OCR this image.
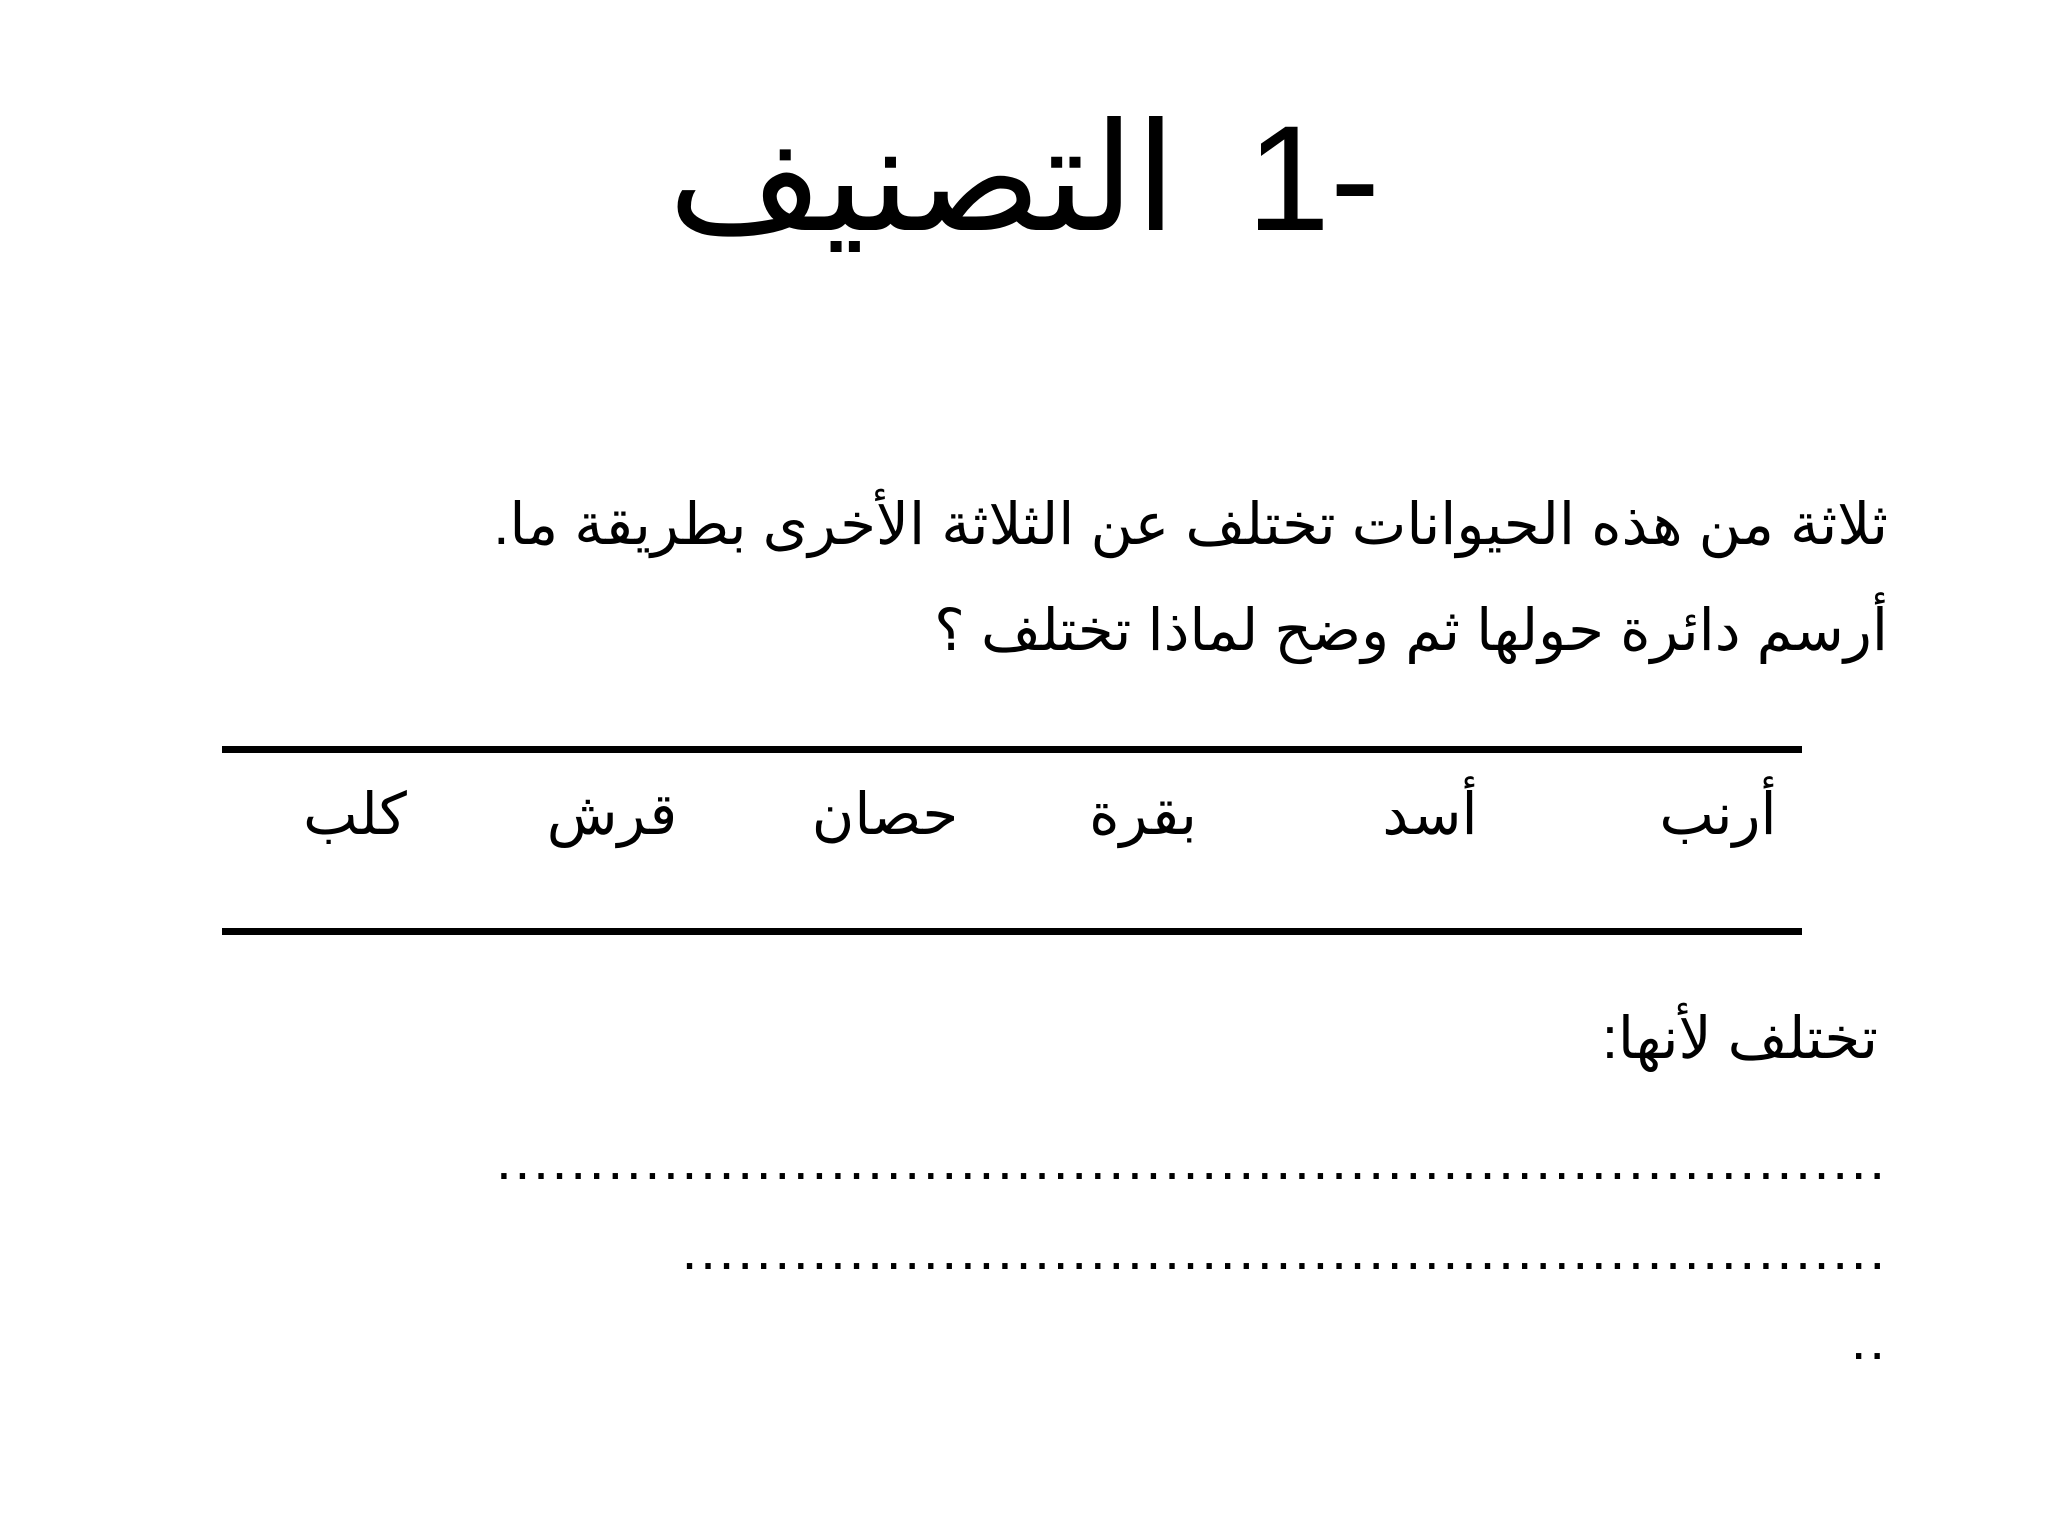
التصنيف 1-
ثلاثة من هذه الحيوانات تختلف عن الثلاثة الأخرى بطريقة ما.
أرسم دائرة حولها ثم وضح لماذا تختلف ؟
أرنب
أسد
بقرة
حصان
قرش
كلب
تختلف لأنها:
...........................................................................
.................................................................
..
